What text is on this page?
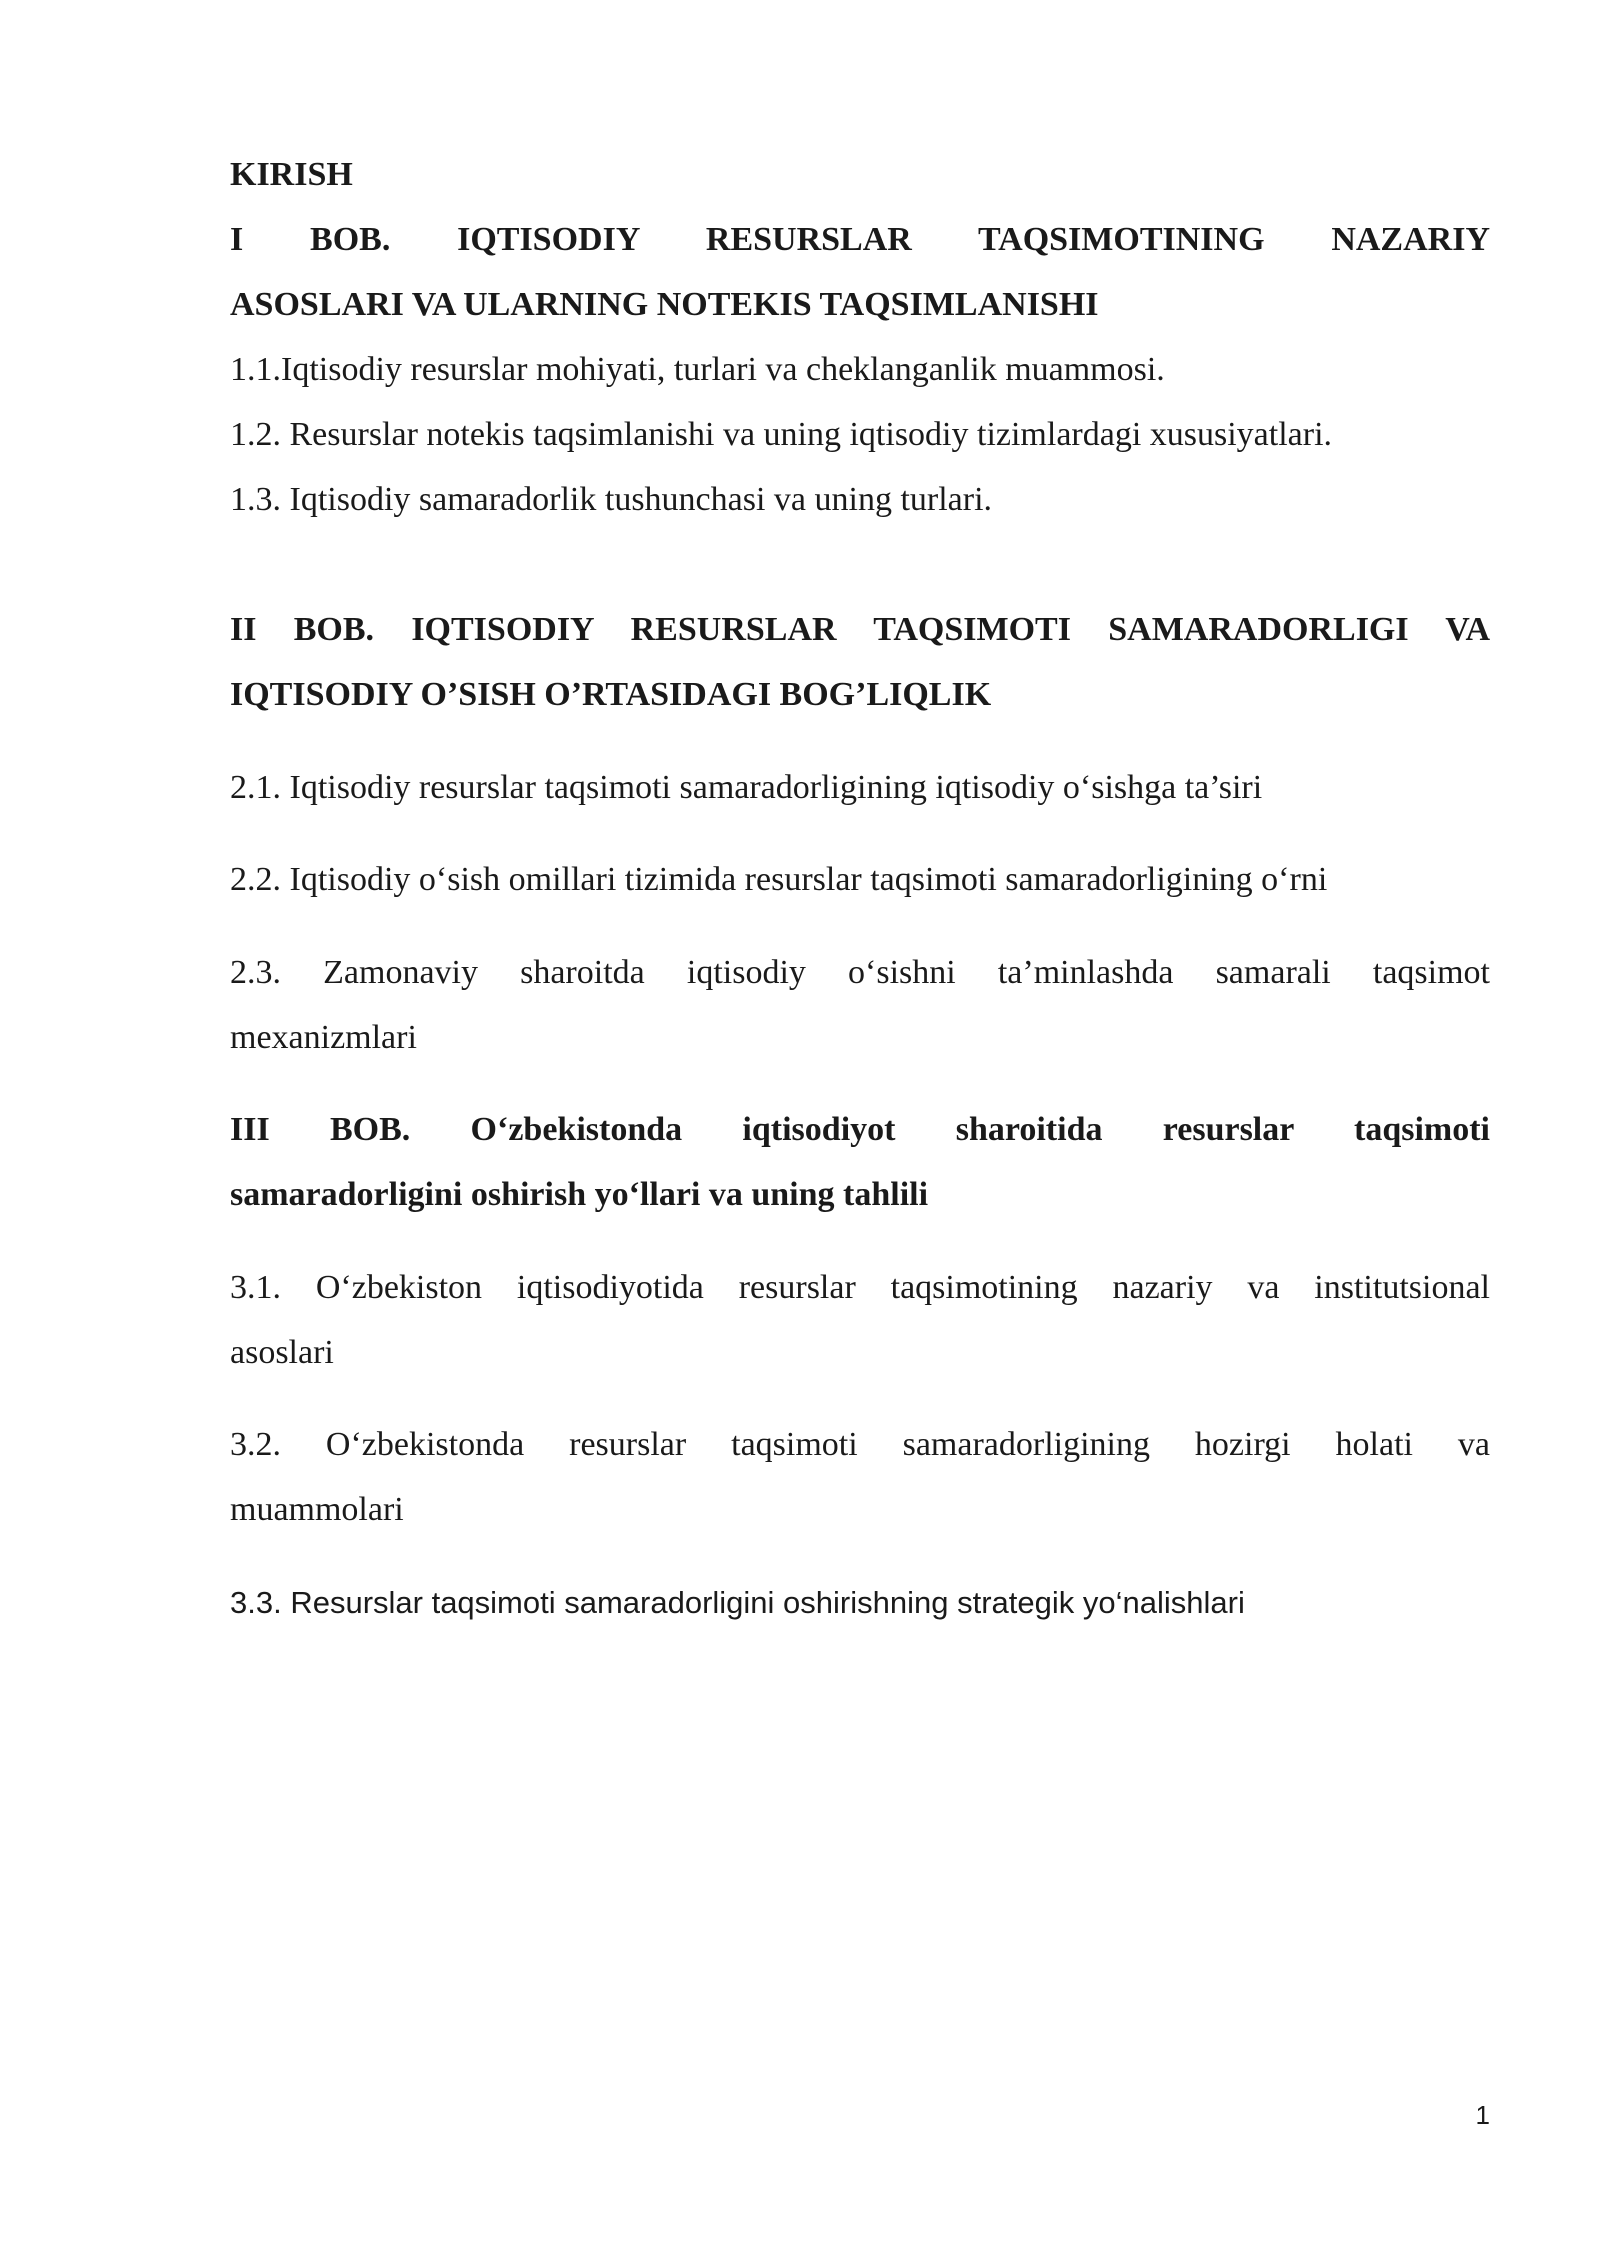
KIRISH
I BOB. IQTISODIY RESURSLAR TAQSIMOTINING NAZARIY
ASOSLARI VA ULARNING NOTEKIS TAQSIMLANISHI
1.1.Iqtisodiy resurslar mohiyati, turlari va cheklanganlik muammosi.
1.2. Resurslar notekis taqsimlanishi va uning iqtisodiy tizimlardagi xususiyatlari.
1.3. Iqtisodiy samaradorlik tushunchasi va uning turlari.
II BOB. IQTISODIY RESURSLAR TAQSIMOTI SAMARADORLIGI VA
IQTISODIY O’SISH O’RTASIDAGI BOG’LIQLIK
2.1. Iqtisodiy resurslar taqsimoti samaradorligining iqtisodiy o‘sishga ta’siri
2.2. Iqtisodiy o‘sish omillari tizimida resurslar taqsimoti samaradorligining o‘rni
2.3. Zamonaviy sharoitda iqtisodiy o‘sishni ta’minlashda samarali taqsimot
mexanizmlari
III BOB. O‘zbekistonda iqtisodiyot sharoitida resurslar taqsimoti
samaradorligini oshirish yo‘llari va uning tahlili
3.1. O‘zbekiston iqtisodiyotida resurslar taqsimotining nazariy va institutsional
asoslari
3.2. O‘zbekistonda resurslar taqsimoti samaradorligining hozirgi holati va
muammolari
3.3. Resurslar taqsimoti samaradorligini oshirishning strategik yo‘nalishlari
1
